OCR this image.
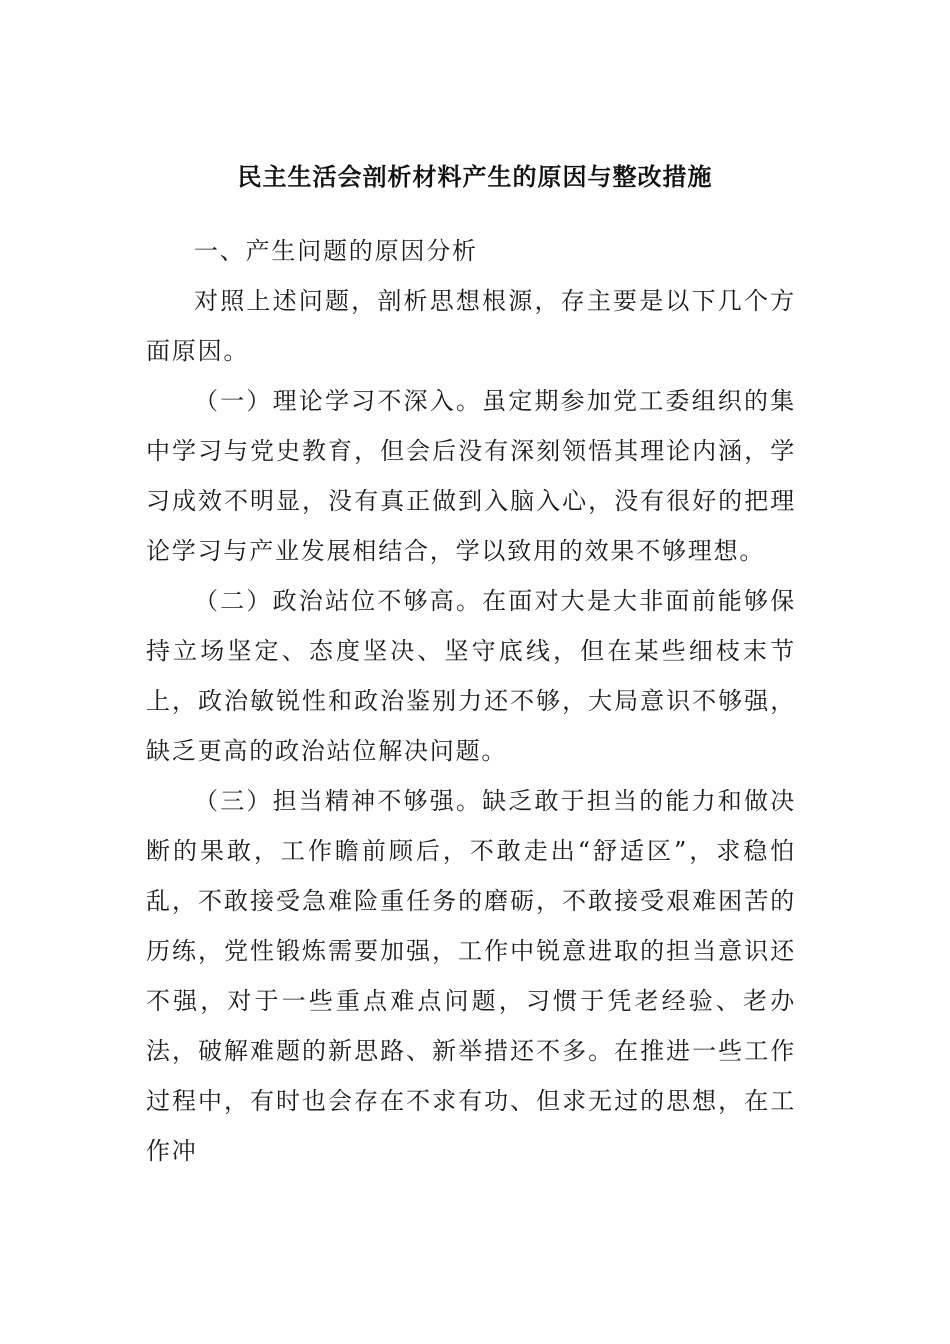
民主生活会剖析材料产生的原因与整改措施

一、产生问题的原因分析

对照上述问题，剖析思想根源，存主要是以下几个方面原因。

（一）理论学习不深入。虽定期参加党工委组织的集中学习与党史教育，但会后没有深刻领悟其理论内涵，学习成效不明显，没有真正做到入脑入心，没有很好的把理论学习与产业发展相结合，学以致用的效果不够理想。

（二）政治站位不够高。在面对大是大非面前能够保持立场坚定、态度坚决、坚守底线，但在某些细枝末节上，政治敏锐性和政治鉴别力还不够，大局意识不够强，缺乏更高的政治站位解决问题。

（三）担当精神不够强。缺乏敢于担当的能力和做决断的果敢，工作瞻前顾后，不敢走出“舒适区”，求稳怕乱，不敢接受急难险重任务的磨砺，不敢接受艰难困苦的历练，党性锻炼需要加强，工作中锐意进取的担当意识还不强，对于一些重点难点问题，习惯于凭老经验、老办法，破解难题的新思路、新举措还不多。在推进一些工作过程中，有时也会存在不求有功、但求无过的思想，在工作冲
